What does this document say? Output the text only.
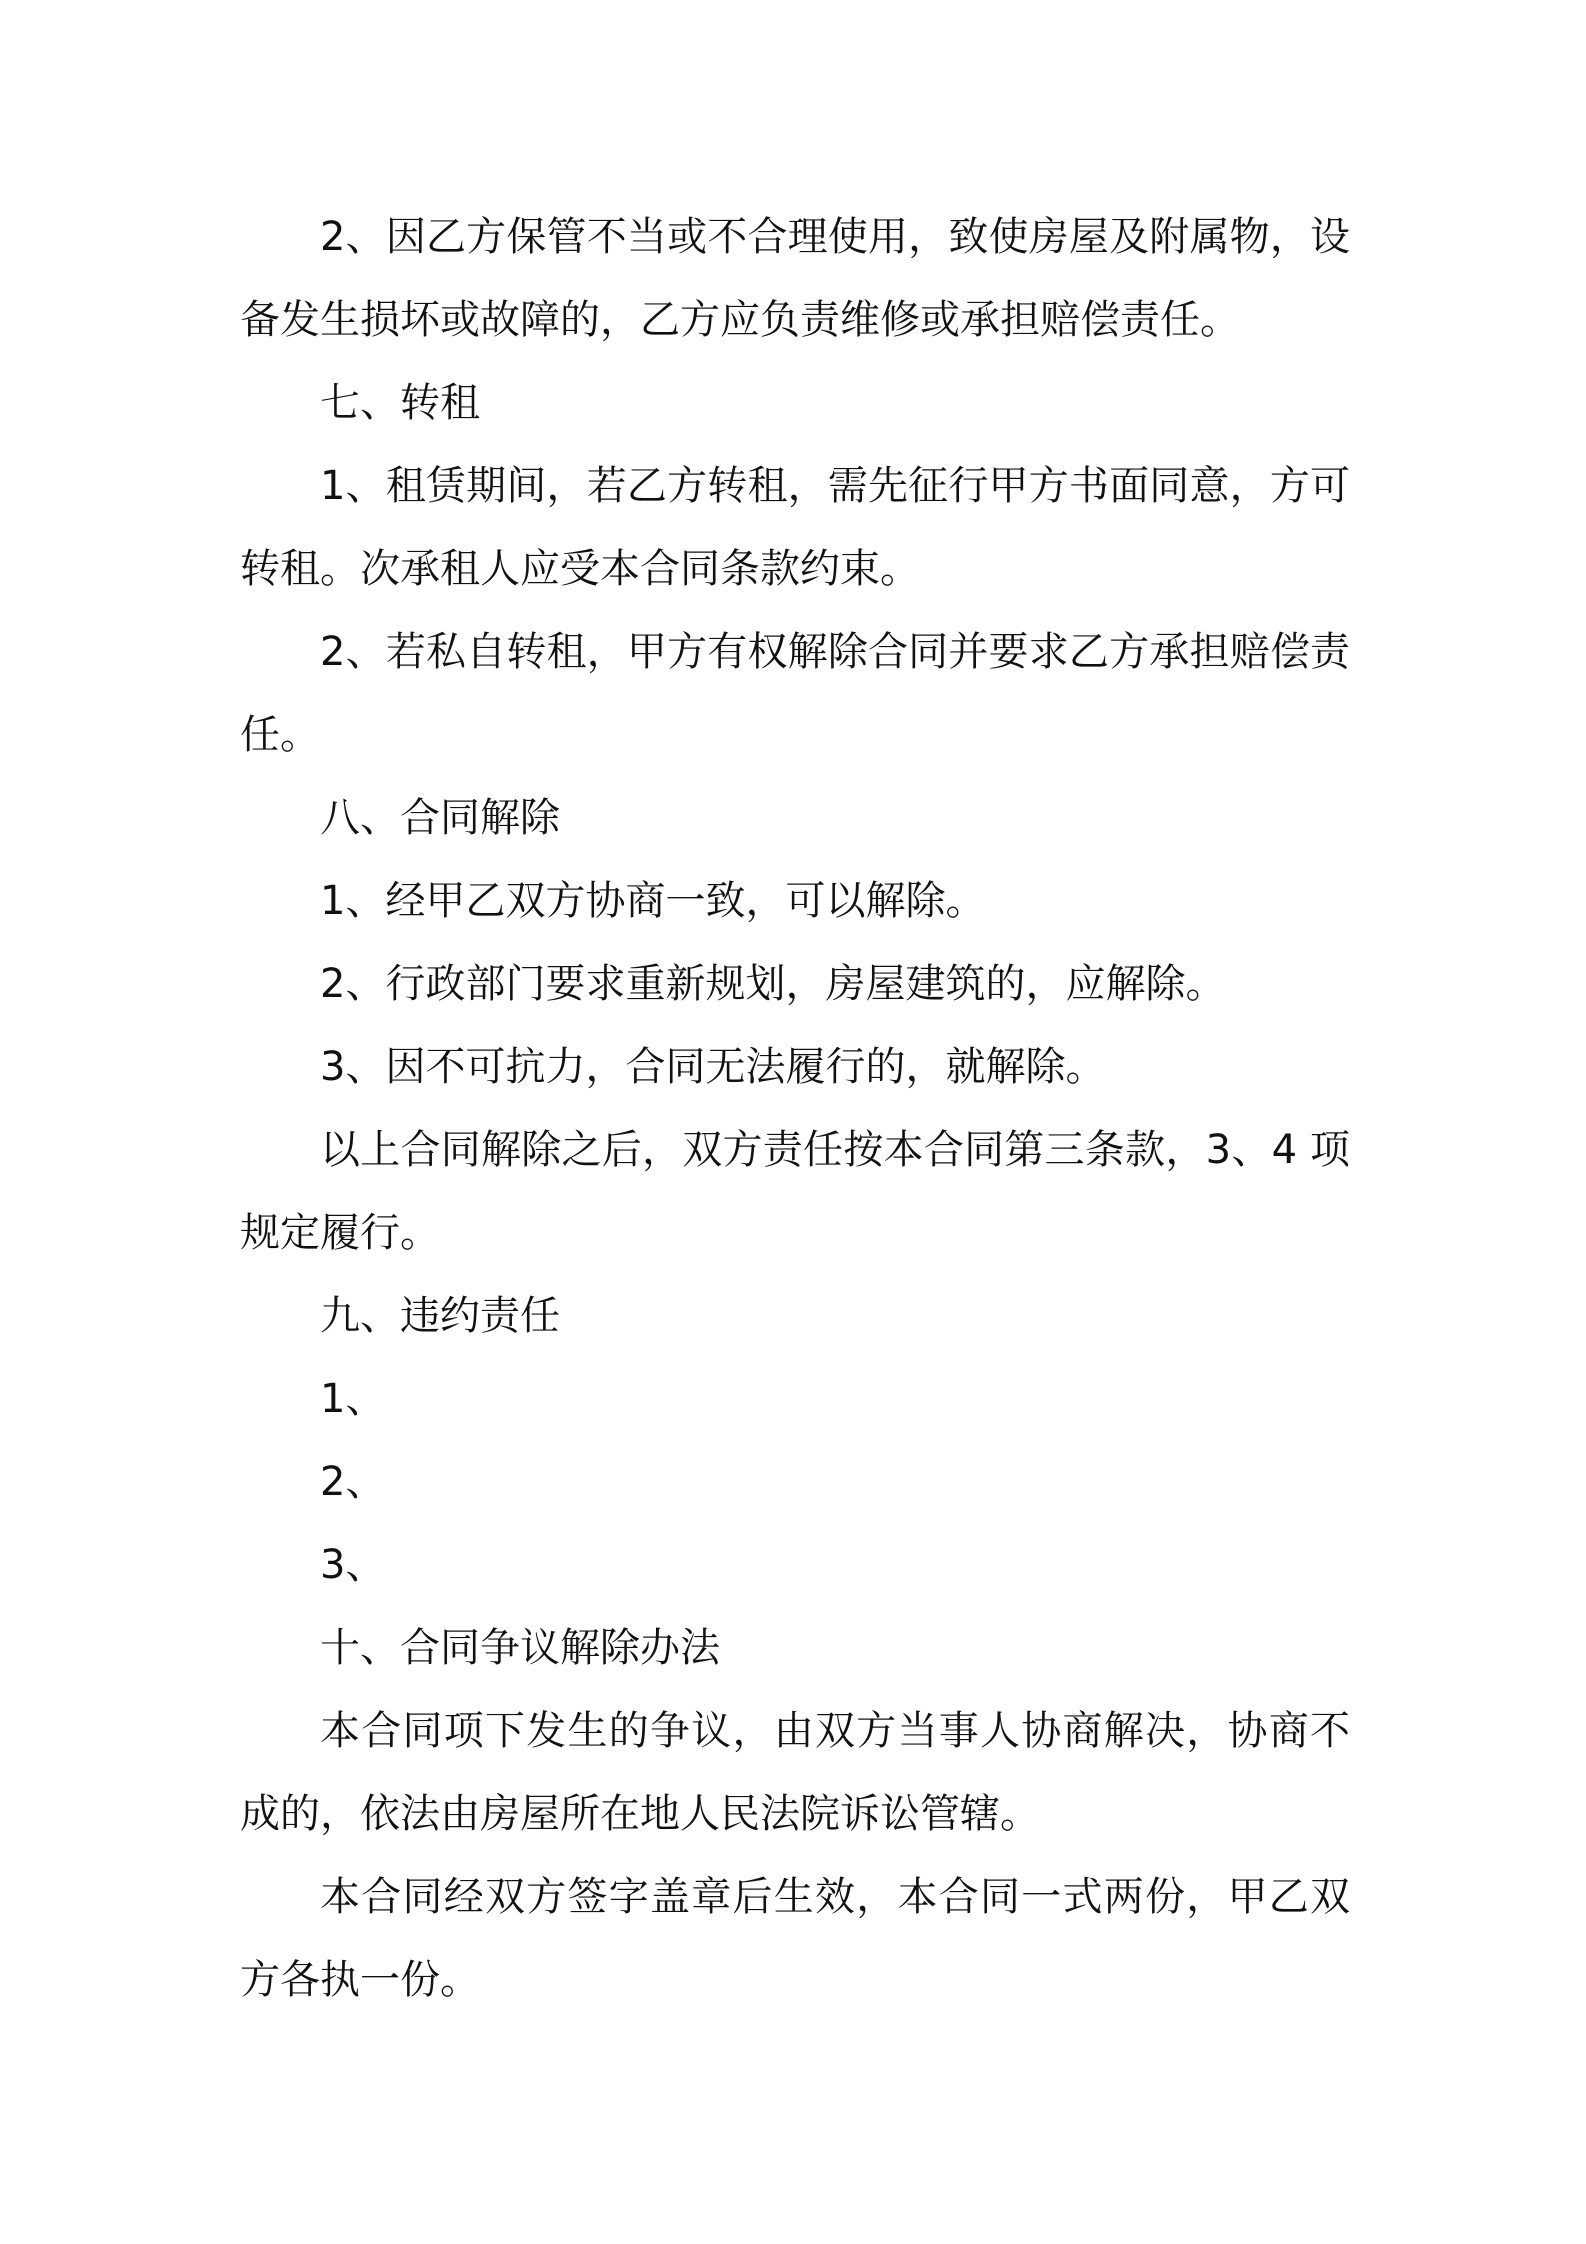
2、因乙方保管不当或不合理使用，致使房屋及附属物，设备发生损坏或故障的，乙方应负责维修或承担赔偿责任。

七、转租

1、租赁期间，若乙方转租，需先征行甲方书面同意，方可转租。次承租人应受本合同条款约束。

2、若私自转租，甲方有权解除合同并要求乙方承担赔偿责任。

八、合同解除

1、经甲乙双方协商一致，可以解除。

2、行政部门要求重新规划，房屋建筑的，应解除。

3、因不可抗力，合同无法履行的，就解除。

以上合同解除之后，双方责任按本合同第三条款，3、4 项规定履行。

九、违约责任

1、

2、

3、

十、合同争议解除办法

本合同项下发生的争议，由双方当事人协商解决，协商不成的，依法由房屋所在地人民法院诉讼管辖。

本合同经双方签字盖章后生效，本合同一式两份，甲乙双方各执一份。
